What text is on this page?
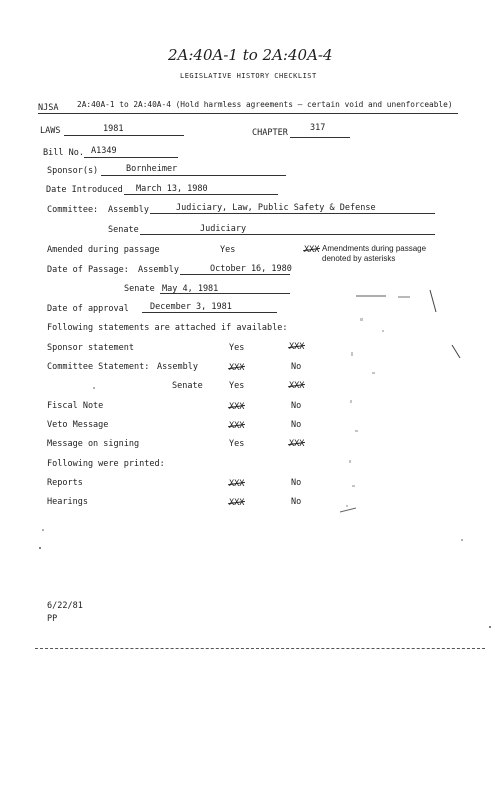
2A:40A-1 to 2A:40A-4
LEGISLATIVE HISTORY CHECKLIST
NJSA 2A:40A-1 to 2A:40A-4 (Hold harmless agreements — certain void and unenforceable)
LAWS	1981	CHAPTER	317
Bill No. A1349
Sponsor(s)	Bornheimer
Date Introduced March 13, 1980
Committee: Assembly	Judiciary, Law, Public Safety & Defense
Senate	Judiciary
Amended during passage	Yes	XXX Amendments during passage
denoted by asterisks
Date of Passage: Assembly	October 16, 1980
Senate May 4, 1981
Date of approval December 3, 1981
Following statements are attached if available:
Sponsor statement	Yes	XXX
Committee Statement: Assembly	XXX	No
Senate	Yes	XXX
Fiscal Note	XXX	No
Veto Message	XXX	No
Message on signing	Yes	XXX
Following were printed:
Reports	XXX	No
Hearings	XXX	No
6/22/81
PP
